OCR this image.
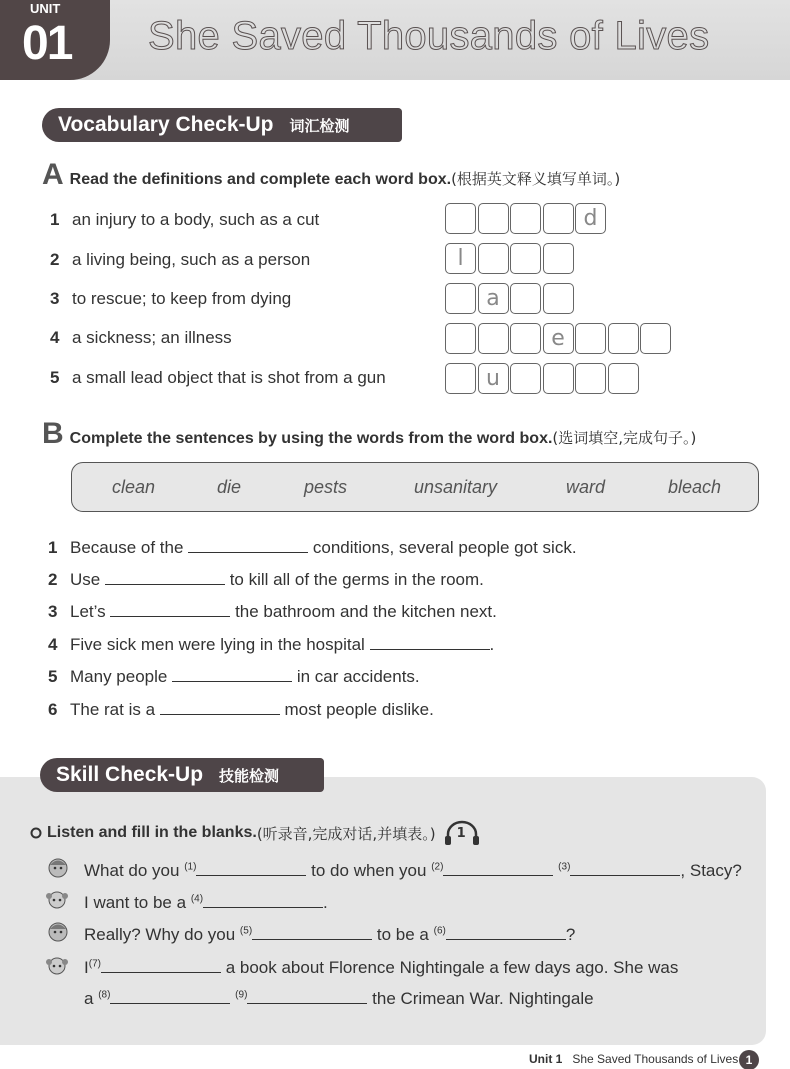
UNIT
01 She Saved Thousands of Lives
Vocabulary Check-Up 词汇检测
A Read the definitions and complete each word box. (根据英文释义填写单词。)
1 an injury to a body, such as a cut	d
2 a living being, such as a person	l
3 to rescue; to keep from dying	a
4 a sickness; an illness	e
5 a small lead object that is shot from a gun	u
B Complete the sentences by using the words from the word box. (选词填空,完成句子。)
clean	die	pests	unsanitary	ward	bleach
1 Because of the	conditions, several people got sick.
2 Use	to kill all of the germs in the room.
3 Let’s	the bathroom and the kitchen next.
4 Five sick men were lying in the hospital	.
5 Many people	in car accidents.
6 The rat is a	most people dislike.
Skill Check-Up 技能检测
Listen and fill in the blanks. (听录音,完成对话,并填表。) 1
What do you $^{(1)}$	to do when you $^{(2)}$	$^{(3)}$	, Stacy?
I want to be a $^{(4)}$	.
Really? Why do you $^{(5)}$	to be a $^{(6)}$	?
$I^{(7)}$	a book about Florence Nightingale a few days ago. She was
a $^{(8)}$	$^{(9)}$	the Crimean War. Nightingale
Unit 1 She Saved Thousands of Lives 1
